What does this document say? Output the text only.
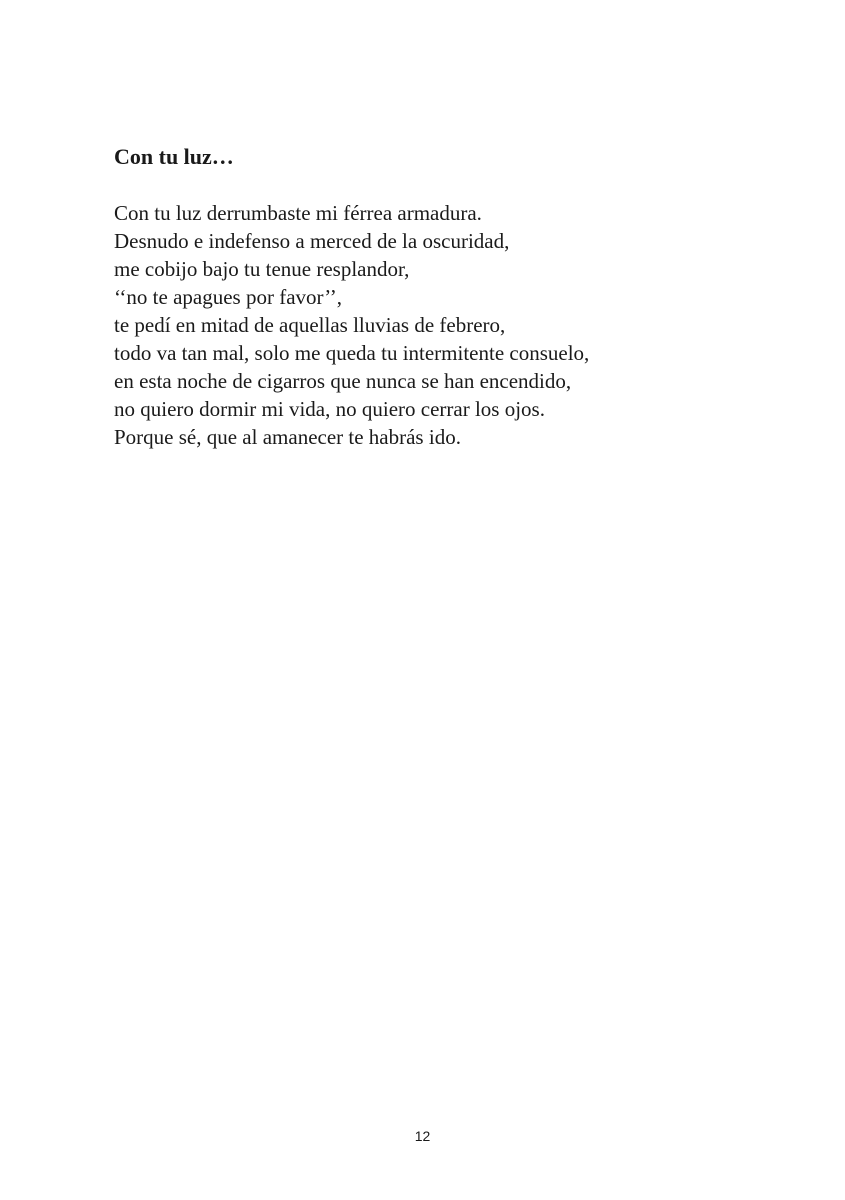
Con tu luz…

Con tu luz derrumbaste mi férrea armadura.

Desnudo e indefenso a merced de la oscuridad,

me cobijo bajo tu tenue resplandor,

‘‘no te apagues por favor’’,

te pedí en mitad de aquellas lluvias de febrero,

todo va tan mal, solo me queda tu intermitente consuelo,

en esta noche de cigarros que nunca se han encendido,

no quiero dormir mi vida, no quiero cerrar los ojos.

Porque sé, que al amanecer te habrás ido.

12
